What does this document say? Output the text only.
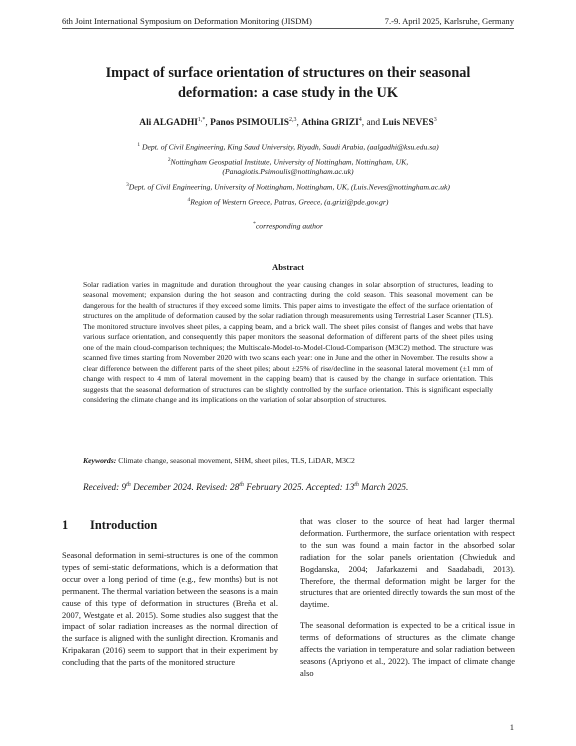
6th Joint International Symposium on Deformation Monitoring (JISDM)	7.-9. April 2025, Karlsruhe, Germany
Impact of surface orientation of structures on their seasonal
deformation: a case study in the UK
Ali $ALGADHI^{1,*}$, Panos PSIMOULIS$^{2,3}$, Athina GRIZI$^4$, and Luis NEVES$^3$
$^1$ Dept. of Civil Engineering, King Saud University, Riyadh, Saudi Arabia, (aalgadhi@ksu.edu.sa)
$^2$Nottingham Geospatial Institute, University of Nottingham, Nottingham, UK,
(Panagiotis.Psimoulis@nottingham.ac.uk)
$^3$Dept. of Civil Engineering, University of Nottingham, Nottingham, UK, (Luis.Neves@nottingham.ac.uk)
$^4$Region of Western Greece, Patras, Greece, (a.grizi@pde.gov.gr)
*corresponding author
Abstract
Solar radiation varies in magnitude and duration throughout the year causing changes in solar absorption of structures, leading to seasonal movement; expansion during the hot season and contracting during the cold season. This seasonal movement can be dangerous for the health of structures if they exceed some limits. This paper aims to investigate the effect of the surface orientation of structures on the amplitude of deformation caused by the solar radiation through measurements using Terrestrial Laser Scanner (TLS). The monitored structure involves sheet piles, a capping beam, and a brick wall. The sheet piles consist of flanges and webs that have various surface orientation, and consequently this paper monitors the seasonal deformation of different parts of the sheet piles using one of the main cloud-comparison techniques; the Multiscale-Model-to-Model-Cloud-Comparison (M3C2) method. The structure was scanned five times starting from November 2020 with two scans each year: one in June and the other in November. The results show a clear difference between the different parts of the sheet piles; about ±25% of rise/decline in the seasonal lateral movement (±1 mm of change with respect to 4 mm of lateral movement in the capping beam) that is caused by the change in surface orientation. This suggests that the seasonal deformation of structures can be slightly controlled by the surface orientation. This is significant especially considering the climate change and its implications on the variation of solar absorption of structures.
Keywords: Climate change, seasonal movement, SHM, sheet piles, TLS, LiDAR, M3C2
Received: 9th December 2024. Revised: 28th February 2025. Accepted: 13th March 2025.
1 Introduction

Seasonal deformation in semi-structures is one of the common types of semi-static deformations, which is a deformation that occur over a long period of time (e.g., few months) but is not permanent. The thermal variation between the seasons is a main cause of this type of deformation in structures (Breña et al. 2007, Westgate et al. 2015). Some studies also suggest that the impact of solar radiation increases as the normal direction of the surface is aligned with the sunlight direction. Kromanis and Kripakaran (2016) seem to support that in their experiment by concluding that the parts of the monitored structure

that was closer to the source of heat had larger thermal deformation. Furthermore, the surface orientation with respect to the sun was found a main factor in the absorbed solar radiation for the solar panels orientation (Chwieduk and Bogdanska, 2004; Jafarkazemi and Saadabadi, 2013). Therefore, the thermal deformation might be larger for the structures that are oriented directly towards the sun most of the daytime.

The seasonal deformation is expected to be a critical issue in terms of deformations of structures as the climate change affects the variation in temperature and solar radiation between seasons (Apriyono et al., 2022). The impact of climate change also

1
